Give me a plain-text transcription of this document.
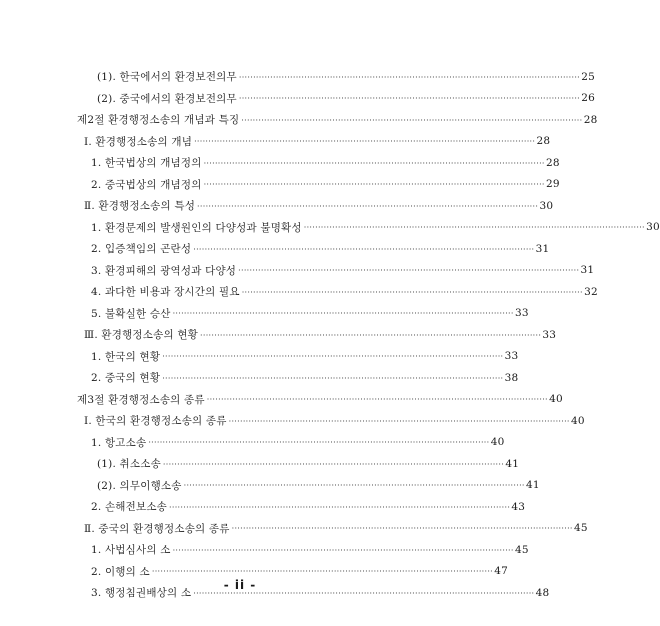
(1). 한국에서의 환경보전의무 ························································································································ 25
(2). 중국에서의 환경보전의무 ························································································································ 26
제2절 환경행정소송의 개념과 특징 ························································································································ 28
Ⅰ. 환경행정소송의 개념 ························································································································ 28
1. 한국법상의 개념정의 ························································································································ 28
2. 중국법상의 개념정의 ························································································································ 29
Ⅱ. 환경행정소송의 특성 ························································································································ 30
1. 환경문제의 발생원인의 다양성과 불명확성 ························································································································ 30
2. 입증책임의 곤란성 ························································································································ 31
3. 환경피해의 광역성과 다양성 ························································································································ 31
4. 과다한 비용과 장시간의 필요 ························································································································ 32
5. 불확실한 승산 ························································································································ 33
Ⅲ. 환경행정소송의 현황 ························································································································ 33
1. 한국의 현황 ························································································································ 33
2. 중국의 현황 ························································································································ 38
제3절 환경행정소송의 종류 ························································································································ 40
Ⅰ. 한국의 환경행정소송의 종류 ························································································································ 40
1. 항고소송 ························································································································ 40
(1). 취소소송 ························································································································ 41
(2). 의무이행소송 ························································································································ 41
2. 손해전보소송 ························································································································ 43
Ⅱ. 중국의 환경행정소송의 종류 ························································································································ 45
1. 사법심사의 소 ························································································································ 45
2. 이행의 소 ························································································································ 47
3. 행정침권배상의 소 ························································································································ 48
- ii -
